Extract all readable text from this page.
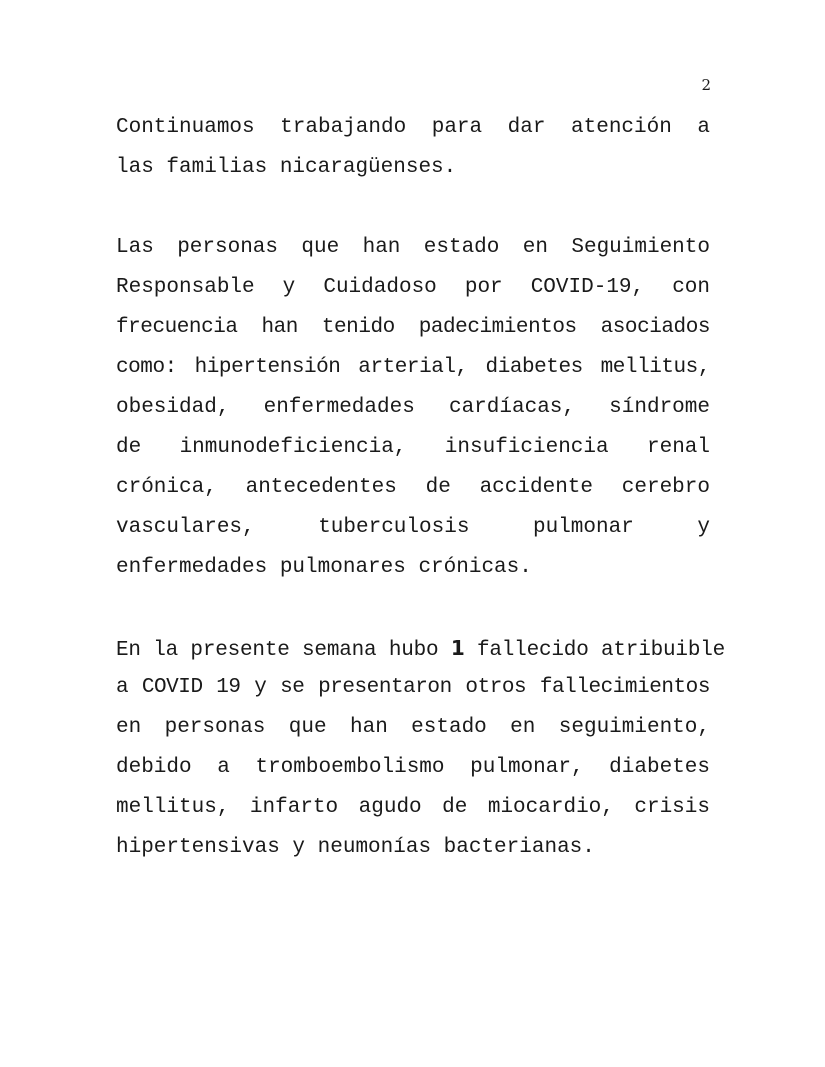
2
Continuamos trabajando para dar atención a
las familias nicaragüenses.
Las personas que han estado en Seguimiento
Responsable y Cuidadoso por COVID-19, con
frecuencia han tenido padecimientos asociados
como: hipertensión arterial, diabetes mellitus,
obesidad, enfermedades cardíacas, síndrome
de inmunodeficiencia, insuficiencia renal
crónica, antecedentes de accidente cerebro
vasculares, tuberculosis pulmonar y
enfermedades pulmonares crónicas.
En la presente semana hubo 1 fallecido atribuible
a COVID 19 y se presentaron otros fallecimientos
en personas que han estado en seguimiento,
debido a tromboembolismo pulmonar, diabetes
mellitus, infarto agudo de miocardio, crisis
hipertensivas y neumonías bacterianas.
